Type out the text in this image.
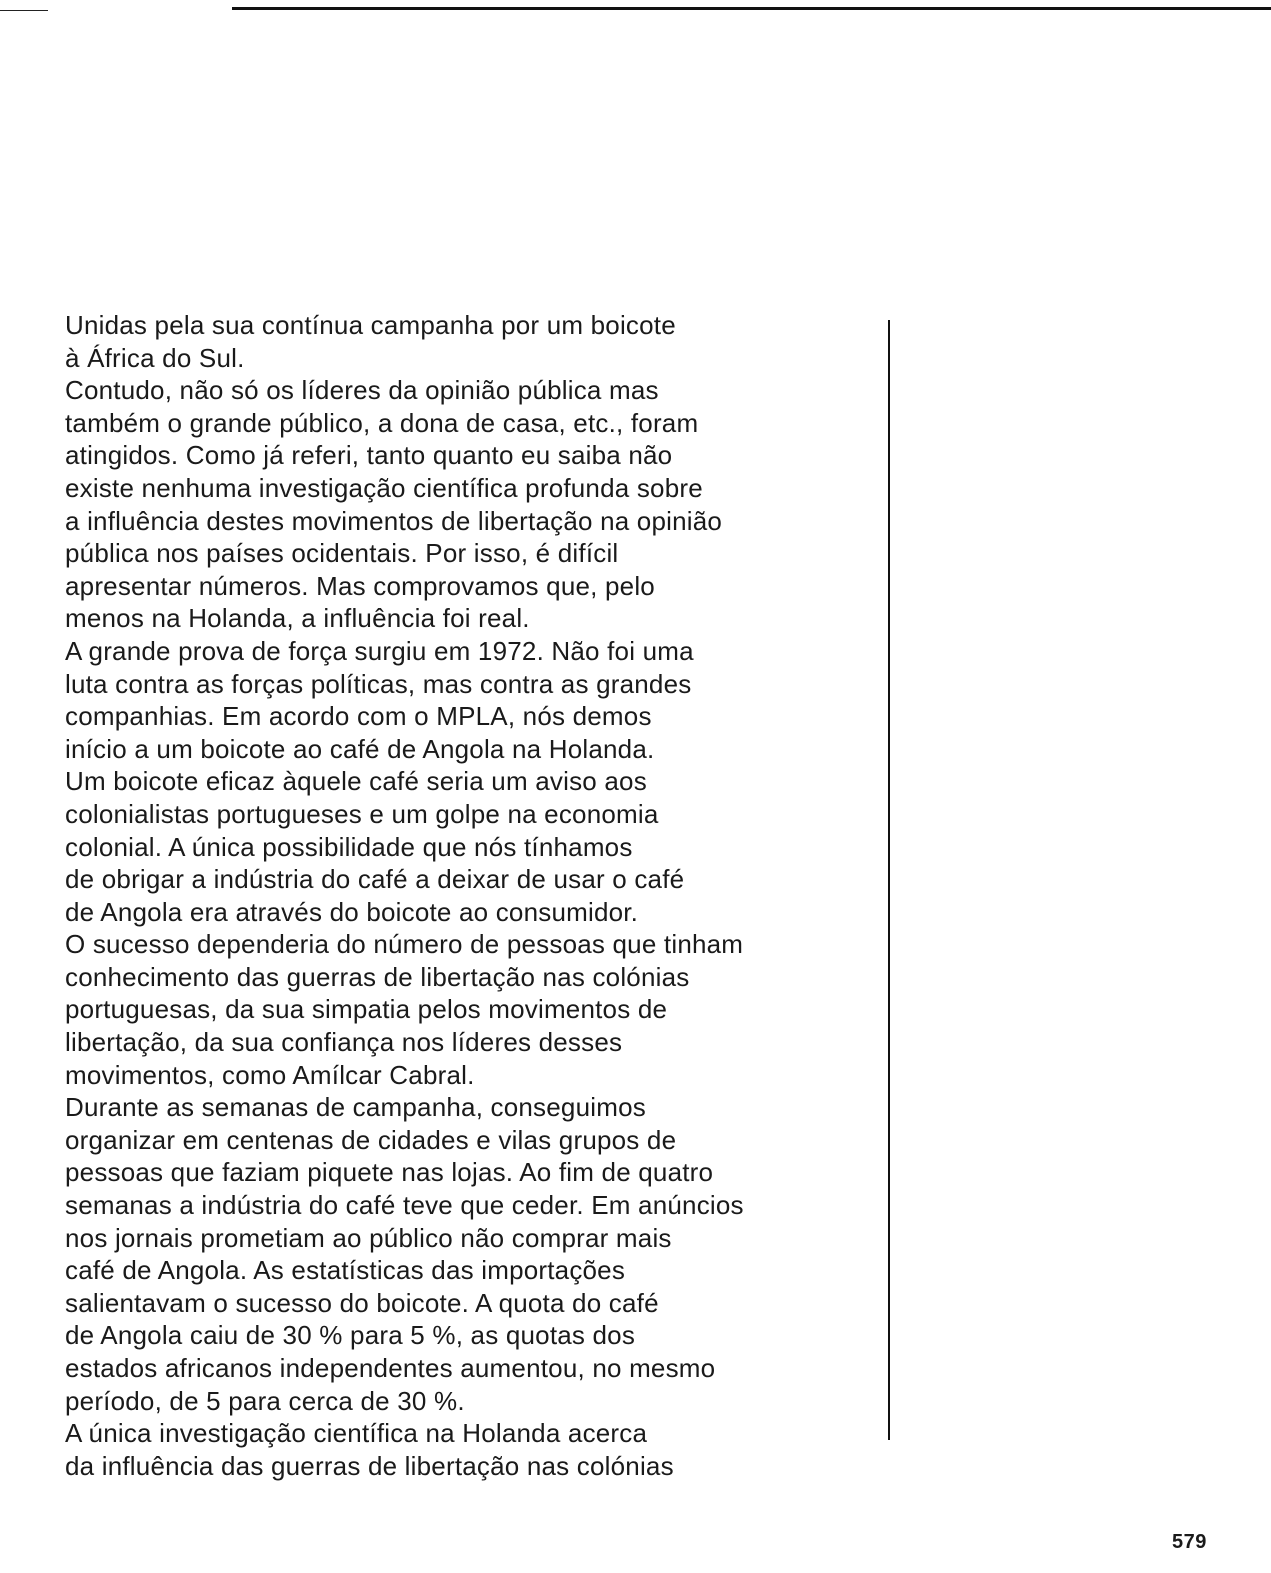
Unidas pela sua contínua campanha por um boicote
à África do Sul.
Contudo, não só os líderes da opinião pública mas
também o grande público, a dona de casa, etc., foram
atingidos. Como já referi, tanto quanto eu saiba não
existe nenhuma investigação científica profunda sobre
a influência destes movimentos de libertação na opinião
pública nos países ocidentais. Por isso, é difícil
apresentar números. Mas comprovamos que, pelo
menos na Holanda, a influência foi real.
A grande prova de força surgiu em 1972. Não foi uma
luta contra as forças políticas, mas contra as grandes
companhias. Em acordo com o MPLA, nós demos
início a um boicote ao café de Angola na Holanda.
Um boicote eficaz àquele café seria um aviso aos
colonialistas portugueses e um golpe na economia
colonial. A única possibilidade que nós tínhamos
de obrigar a indústria do café a deixar de usar o café
de Angola era através do boicote ao consumidor.
O sucesso dependeria do número de pessoas que tinham
conhecimento das guerras de libertação nas colónias
portuguesas, da sua simpatia pelos movimentos de
libertação, da sua confiança nos líderes desses
movimentos, como Amílcar Cabral.
Durante as semanas de campanha, conseguimos
organizar em centenas de cidades e vilas grupos de
pessoas que faziam piquete nas lojas. Ao fim de quatro
semanas a indústria do café teve que ceder. Em anúncios
nos jornais prometiam ao público não comprar mais
café de Angola. As estatísticas das importações
salientavam o sucesso do boicote. A quota do café
de Angola caiu de 30 % para 5 %, as quotas dos
estados africanos independentes aumentou, no mesmo
período, de 5 para cerca de 30 %.
A única investigação científica na Holanda acerca
da influência das guerras de libertação nas colónias
579
